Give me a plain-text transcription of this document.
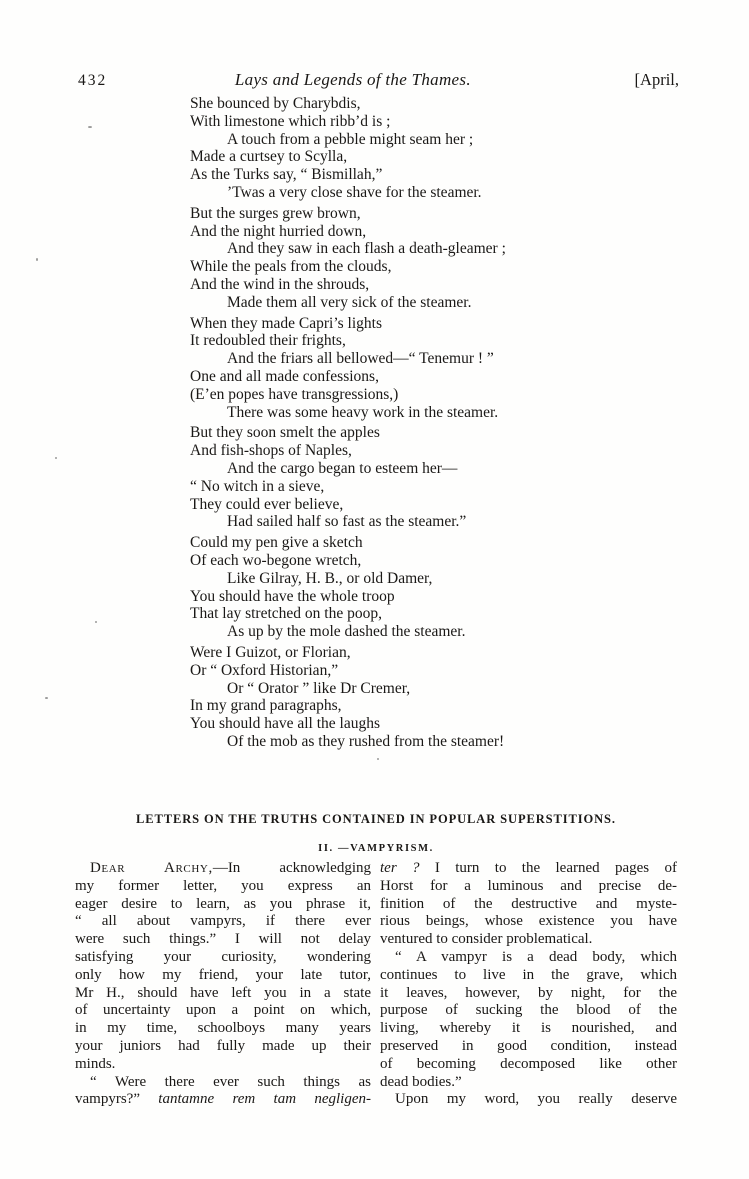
432	Lays and Legends of the Thames.	[April,
She bounced by Charybdis,
With limestone which ribb’d is ;
A touch from a pebble might seam her ;
Made a curtsey to Scylla,
As the Turks say, “ Bismillah,”
’Twas a very close shave for the steamer.
But the surges grew brown,
And the night hurried down,
And they saw in each flash a death-gleamer ;
While the peals from the clouds,
And the wind in the shrouds,
Made them all very sick of the steamer.
When they made Capri’s lights
It redoubled their frights,
And the friars all bellowed—“ Tenemur ! ”
One and all made confessions,
(E’en popes have transgressions,)
There was some heavy work in the steamer.
But they soon smelt the apples
And fish-shops of Naples,
And the cargo began to esteem her—
“ No witch in a sieve,
They could ever believe,
Had sailed half so fast as the steamer.”
Could my pen give a sketch
Of each wo-begone wretch,
Like Gilray, H. B., or old Damer,
You should have the whole troop
That lay stretched on the poop,
As up by the mole dashed the steamer.
Were I Guizot, or Florian,
Or “ Oxford Historian,”
Or “ Orator ” like Dr Cremer,
In my grand paragraphs,
You should have all the laughs
Of the mob as they rushed from the steamer!
LETTERS ON THE TRUTHS CONTAINED IN POPULAR SUPERSTITIONS.
II. —VAMPYRISM.
Dear Archy,—In acknowledging
my former letter, you express an
eager desire to learn, as you phrase it,
“ all about vampyrs, if there ever
were such things.” I will not delay
satisfying your curiosity, wondering
only how my friend, your late tutor,
Mr H., should have left you in a state
of uncertainty upon a point on which,
in my time, schoolboys many years
your juniors had fully made up their
minds.
“ Were there ever such things as
vampyrs?” tantamne rem tam negligen-
ter ? I turn to the learned pages of
Horst for a luminous and precise de-
finition of the destructive and myste-
rious beings, whose existence you have
ventured to consider problematical.
“ A vampyr is a dead body, which
continues to live in the grave, which
it leaves, however, by night, for the
purpose of sucking the blood of the
living, whereby it is nourished, and
preserved in good condition, instead
of becoming decomposed like other
dead bodies.”
Upon my word, you really deserve
